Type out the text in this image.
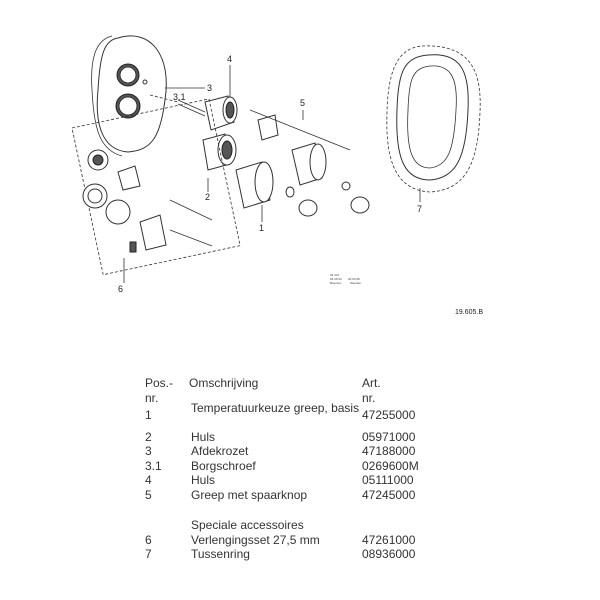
3
4
3.1
5
2
1
6
7
93 447
06.06.93
Boerdon
20.03.98
Wenden
19.605.B
Pos.-nr.
Omschrijving	Art. nr.
1	Temperatuurkeuze greep, basis 47255000
2	Huls	05971000
3	Afdekrozet	47188000
3.1 Borgschroef	0269600M
4	Huls	05111000
5	Greep met spaarknop	47245000
Speciale accessoires
6	Verlengingsset 27,5 mm	47261000
7	Tussenring	08936000
